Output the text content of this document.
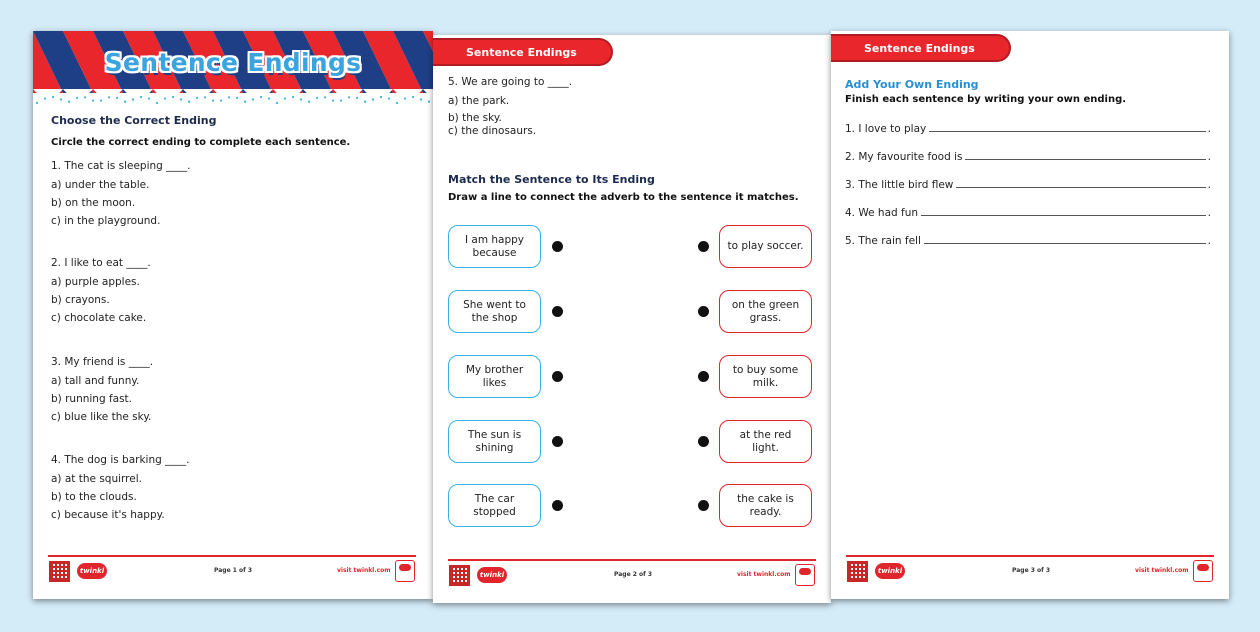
Sentence Endings
Choose the Correct Ending
Circle the correct ending to complete each sentence.
1. The cat is sleeping ____.
a) under the table.
b) on the moon.
c) in the playground.
2. I like to eat ____.
a) purple apples.
b) crayons.
c) chocolate cake.
3. My friend is ____.
a) tall and funny.
b) running fast.
c) blue like the sky.
4. The dog is barking ____.
a) at the squirrel.
b) to the clouds.
c) because it's happy.
twinkl	Page 1 of 3	visit twinkl.com
Sentence Endings
5. We are going to ____.
a) the park.
b) the sky.
c) the dinosaurs.
Match the Sentence to Its Ending
Draw a line to connect the adverb to the sentence it matches.
I am happy because
She went to the shop
My brother likes
The sun is shining
The car stopped
to play soccer.
on the green grass.
to buy some milk.
at the red light.
the cake is ready.
twinkl	Page 2 of 3	visit twinkl.com
Sentence Endings
Add Your Own Ending
Finish each sentence by writing your own ending.
1. I love to play	.
2. My favourite food is	.
3. The little bird flew	.
4. We had fun	.
5. The rain fell	.
twinkl	Page 3 of 3	visit twinkl.com
